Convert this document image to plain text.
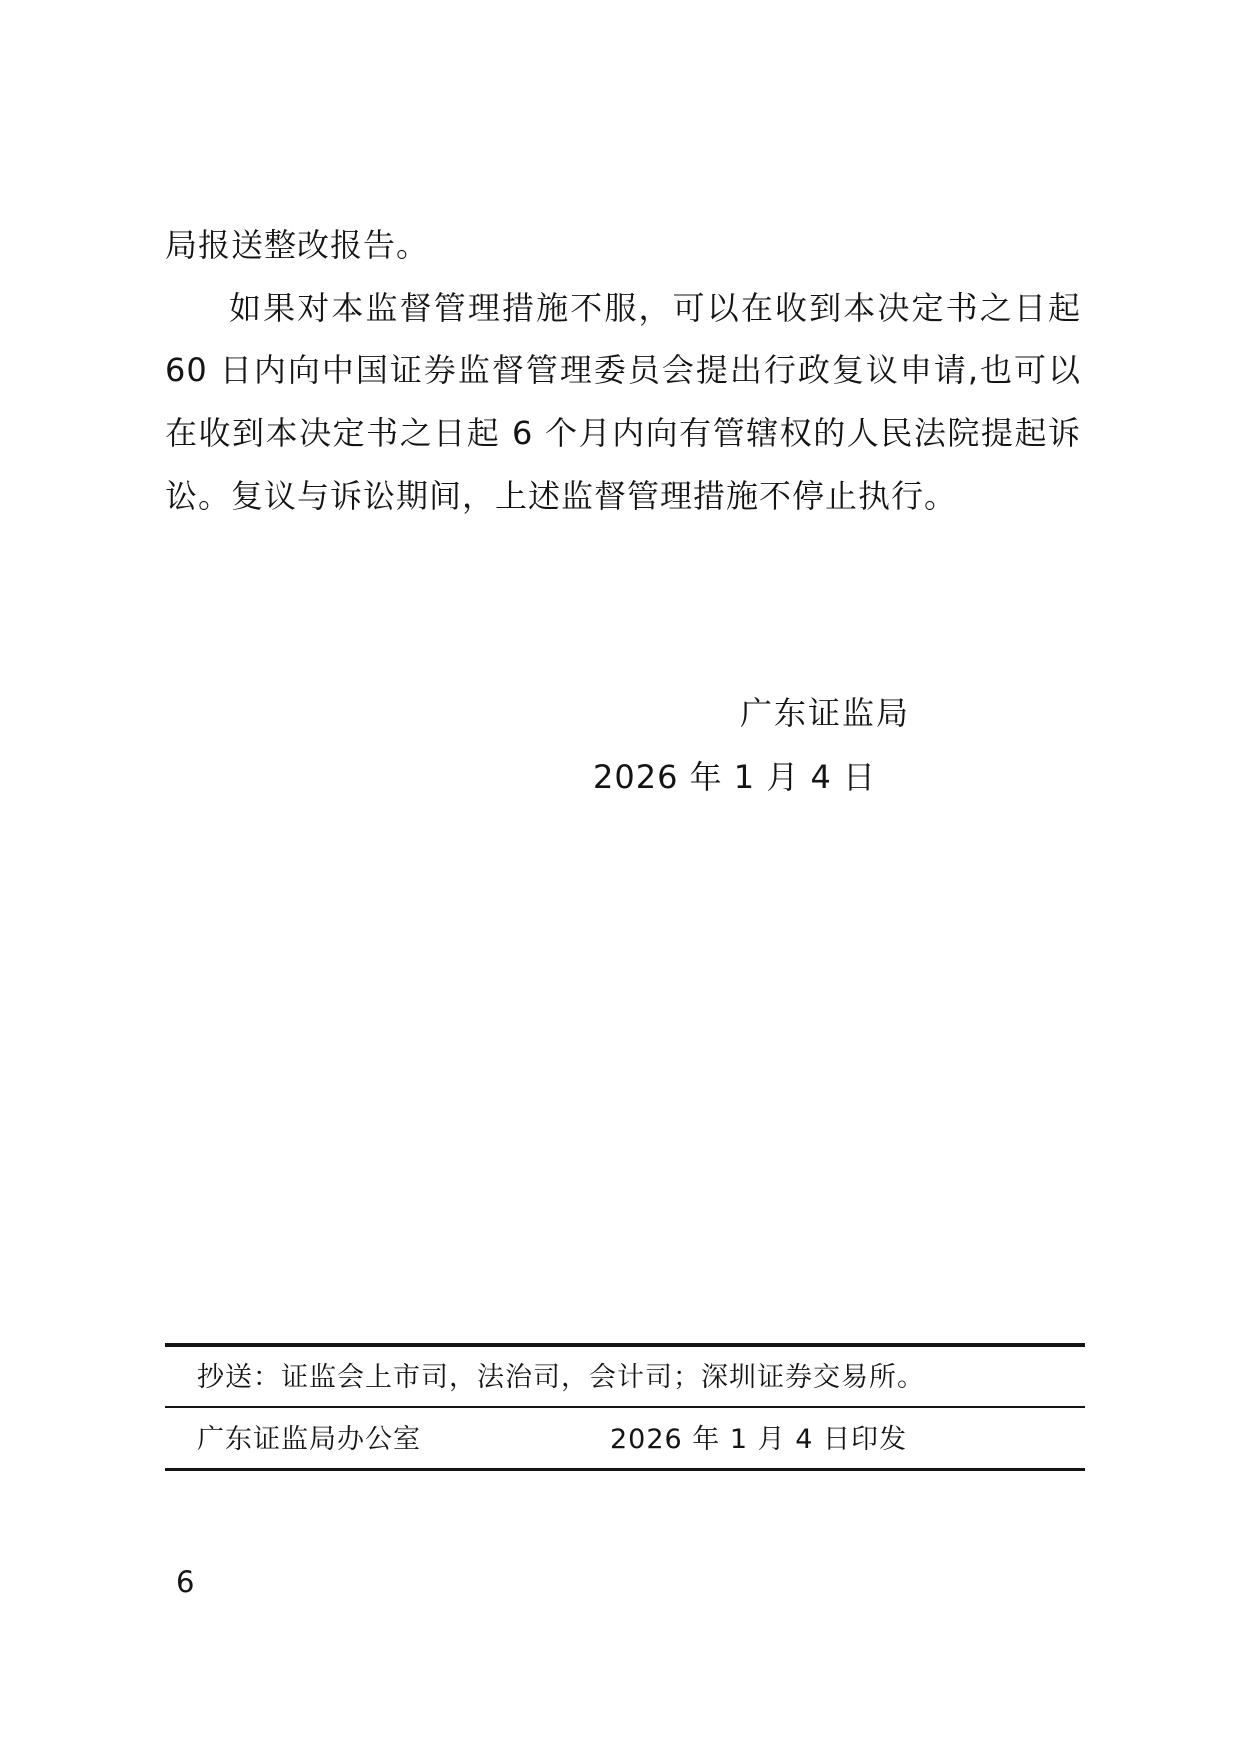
局报送整改报告。
如果对本监督管理措施不服，可以在收到本决定书之日起
60 日内向中国证券监督管理委员会提出行政复议申请,也可以
在收到本决定书之日起 6 个月内向有管辖权的人民法院提起诉
讼。复议与诉讼期间，上述监督管理措施不停止执行。
广东证监局
2026 年 1 月 4 日
抄送：证监会上市司，法治司，会计司；深圳证券交易所。
广东证监局办公室	2026 年 1 月 4 日印发
6
